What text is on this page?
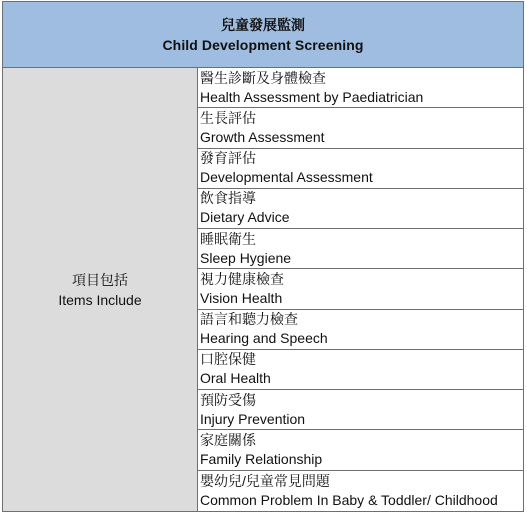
兒童發展監測
Child Development Screening
項目包括
Items Include
醫生診斷及身體檢查
Health Assessment by Paediatrician
生長評估
Growth Assessment
發育評估
Developmental Assessment
飲食指導
Dietary Advice
睡眠衛生
Sleep Hygiene
視力健康檢查
Vision Health
語言和聽力檢查
Hearing and Speech
口腔保健
Oral Health
預防受傷
Injury Prevention
家庭關係
Family Relationship
嬰幼兒/兒童常見問題
Common Problem In Baby & Toddler/ Childhood
